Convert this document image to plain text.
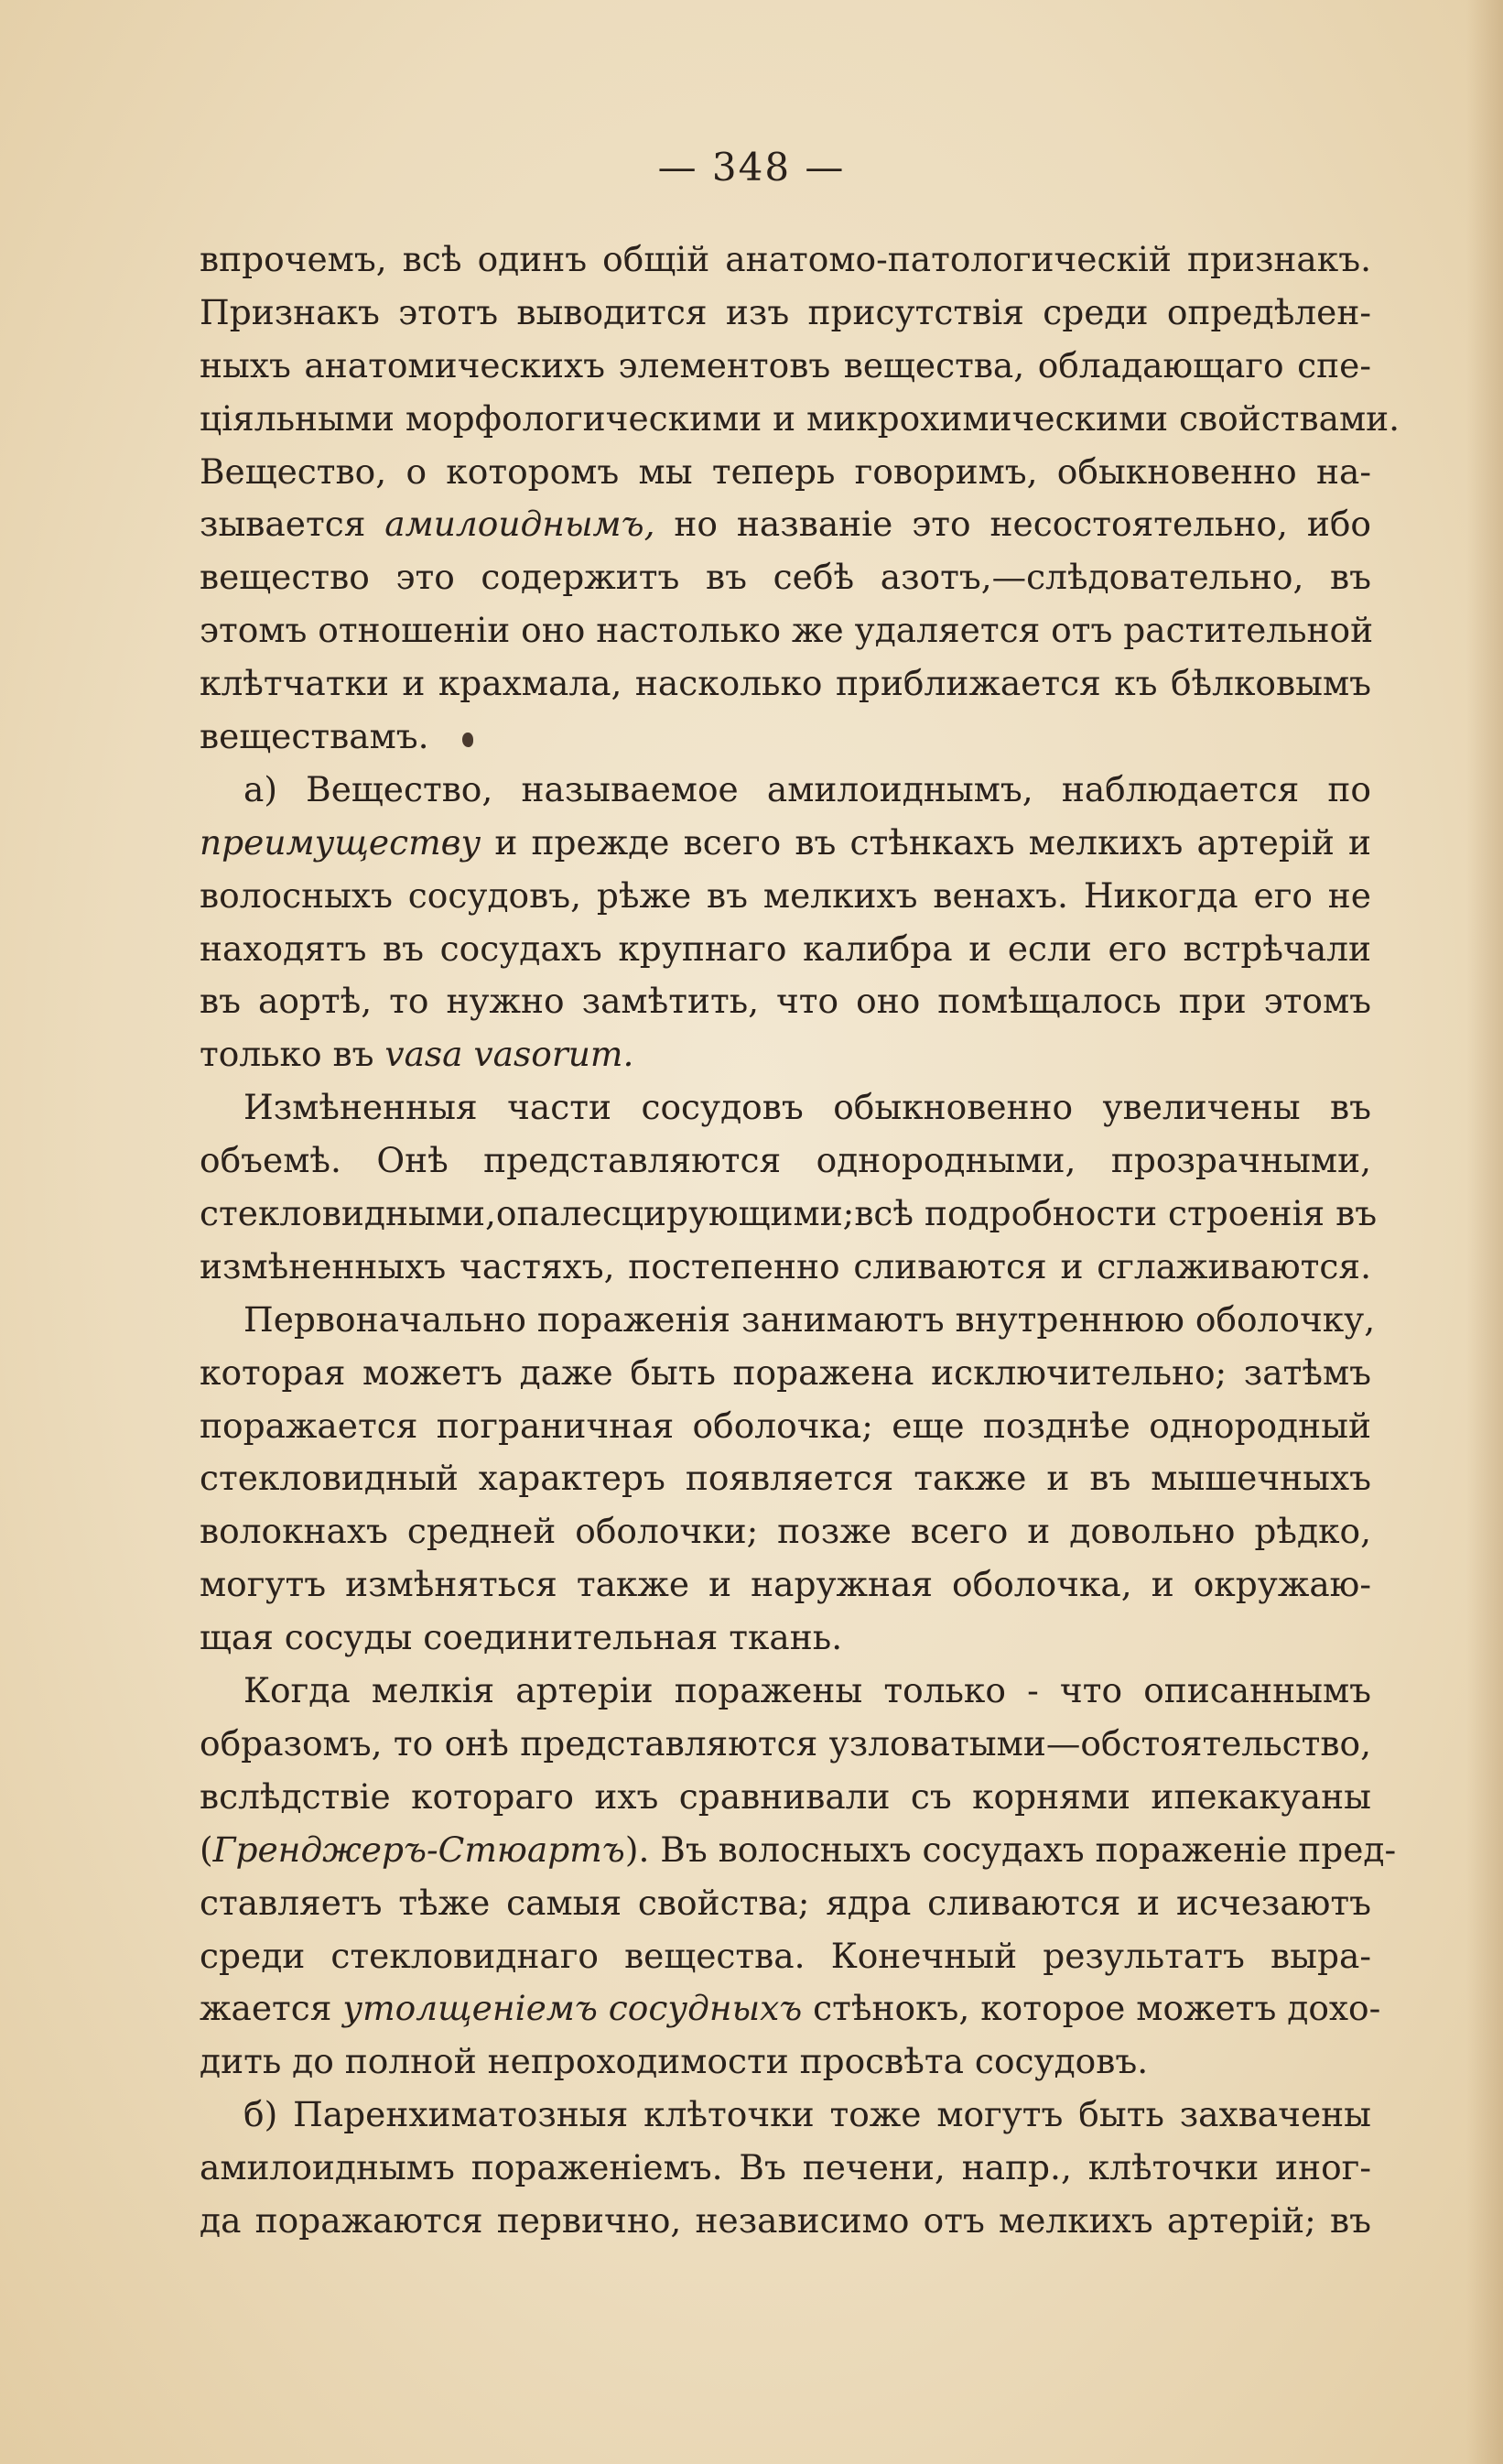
— 348 —
впрочемъ, всѣ одинъ общій анатомо-патологическій признакъ.
Признакъ этотъ выводится изъ присутствія среди опредѣлен-
ныхъ анатомическихъ элементовъ вещества, обладающаго спе-
ціяльными морфологическими и микрохимическими свойствами.
Вещество, о которомъ мы теперь говоримъ, обыкновенно на-
зывается амилоиднымъ, но названіе это несостоятельно, ибо
вещество это содержитъ въ себѣ азотъ,—слѣдовательно, въ
этомъ отношеніи оно настолько же удаляется отъ растительной
клѣтчатки и крахмала, насколько приближается къ бѣлковымъ
веществамъ.
а) Вещество, называемое амилоиднымъ, наблюдается по
преимуществу и прежде всего въ стѣнкахъ мелкихъ артерій и
волосныхъ сосудовъ, рѣже въ мелкихъ венахъ. Никогда его не
находятъ въ сосудахъ крупнаго калибра и если его встрѣчали
въ аортѣ, то нужно замѣтить, что оно помѣщалось при этомъ
только въ vasa vasorum.
Измѣненныя части сосудовъ обыкновенно увеличены въ
объемѣ. Онѣ представляются однородными, прозрачными,
стекловидными,опалесцирующими;всѣ подробности строенія въ
измѣненныхъ частяхъ, постепенно сливаются и сглаживаются.
Первоначально пораженія занимаютъ внутреннюю оболочку,
которая можетъ даже быть поражена исключительно; затѣмъ
поражается пограничная оболочка; еще позднѣе однородный
стекловидный характеръ появляется также и въ мышечныхъ
волокнахъ средней оболочки; позже всего и довольно рѣдко,
могутъ измѣняться также и наружная оболочка, и окружаю-
щая сосуды соединительная ткань.
Когда мелкія артеріи поражены только - что описаннымъ
образомъ, то онѣ представляются узловатыми—обстоятельство,
вслѣдствіе котораго ихъ сравнивали съ корнями ипекакуаны
(Гренджеръ-Стюартъ). Въ волосныхъ сосудахъ пораженіе пред-
ставляетъ тѣже самыя свойства; ядра сливаются и исчезаютъ
среди стекловиднаго вещества. Конечный результатъ выра-
жается утолщеніемъ сосудныхъ стѣнокъ, которое можетъ дохо-
дить до полной непроходимости просвѣта сосудовъ.
б) Паренхиматозныя клѣточки тоже могутъ быть захвачены
амилоиднымъ пораженіемъ. Въ печени, напр., клѣточки иног-
да поражаются первично, независимо отъ мелкихъ артерій; въ
